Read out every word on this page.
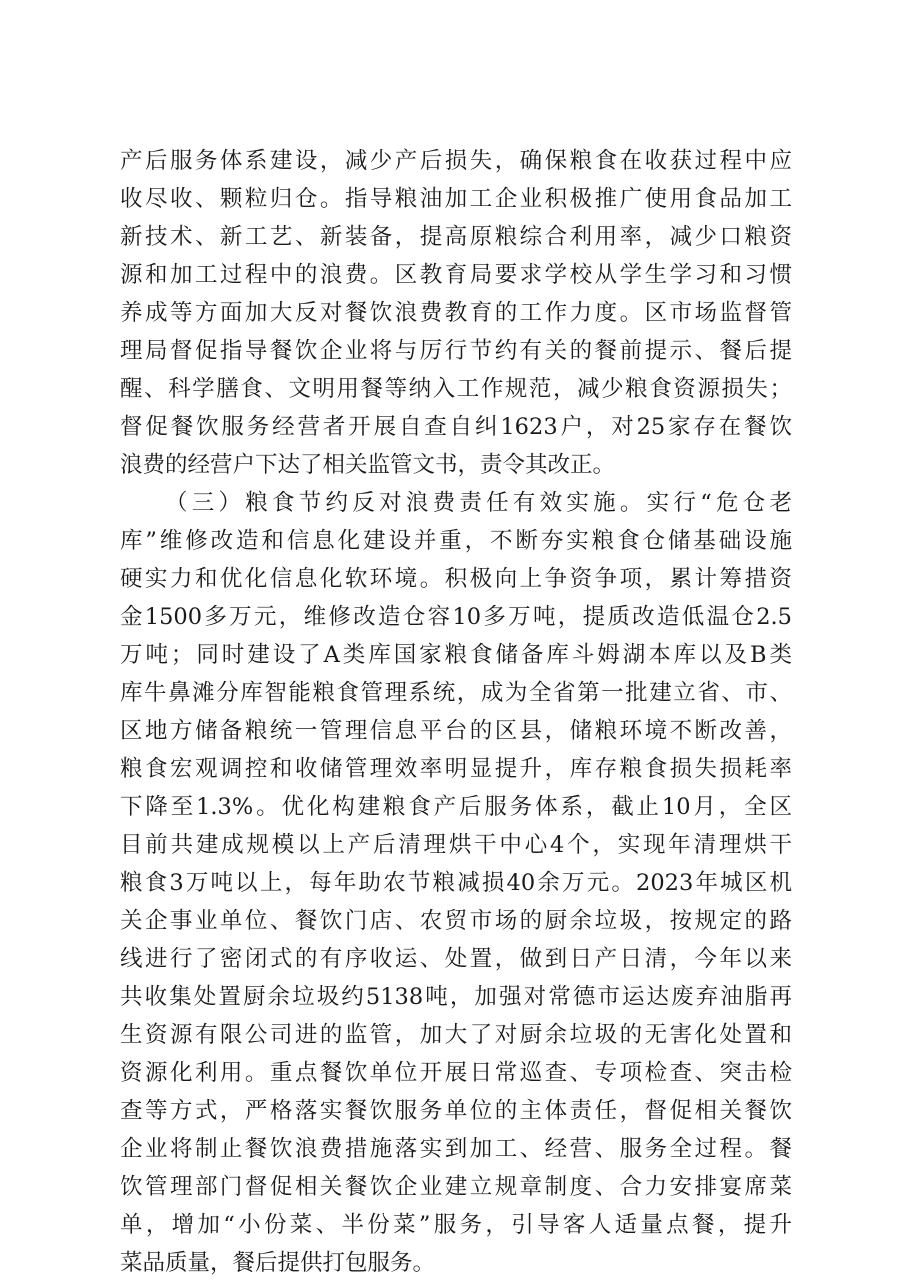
产后服务体系建设，减少产后损失，确保粮食在收获过程中应
收尽收、颗粒归仓。指导粮油加工企业积极推广使用食品加工
新技术、新工艺、新装备，提高原粮综合利用率，减少口粮资
源和加工过程中的浪费。区教育局要求学校从学生学习和习惯
养成等方面加大反对餐饮浪费教育的工作力度。区市场监督管
理局督促指导餐饮企业将与厉行节约有关的餐前提示、餐后提
醒、科学膳食、文明用餐等纳入工作规范，减少粮食资源损失；
督促餐饮服务经营者开展自查自纠1623户，对25家存在餐饮
浪费的经营户下达了相关监管文书，责令其改正。
（三）粮食节约反对浪费责任有效实施。实行“危仓老
库”维修改造和信息化建设并重，不断夯实粮食仓储基础设施
硬实力和优化信息化软环境。积极向上争资争项，累计筹措资
金1500多万元，维修改造仓容10多万吨，提质改造低温仓2.5
万吨；同时建设了A类库国家粮食储备库斗姆湖本库以及B类
库牛鼻滩分库智能粮食管理系统，成为全省第一批建立省、市、
区地方储备粮统一管理信息平台的区县，储粮环境不断改善，
粮食宏观调控和收储管理效率明显提升，库存粮食损失损耗率
下降至1.3%。优化构建粮食产后服务体系，截止10月，全区
目前共建成规模以上产后清理烘干中心4个，实现年清理烘干
粮食3万吨以上，每年助农节粮减损40余万元。2023年城区机
关企事业单位、餐饮门店、农贸市场的厨余垃圾，按规定的路
线进行了密闭式的有序收运、处置，做到日产日清，今年以来
共收集处置厨余垃圾约5138吨，加强对常德市运达废弃油脂再
生资源有限公司进的监管，加大了对厨余垃圾的无害化处置和
资源化利用。重点餐饮单位开展日常巡查、专项检查、突击检
查等方式，严格落实餐饮服务单位的主体责任，督促相关餐饮
企业将制止餐饮浪费措施落实到加工、经营、服务全过程。餐
饮管理部门督促相关餐饮企业建立规章制度、合力安排宴席菜
单，增加“小份菜、半份菜”服务，引导客人适量点餐，提升
菜品质量，餐后提供打包服务。
